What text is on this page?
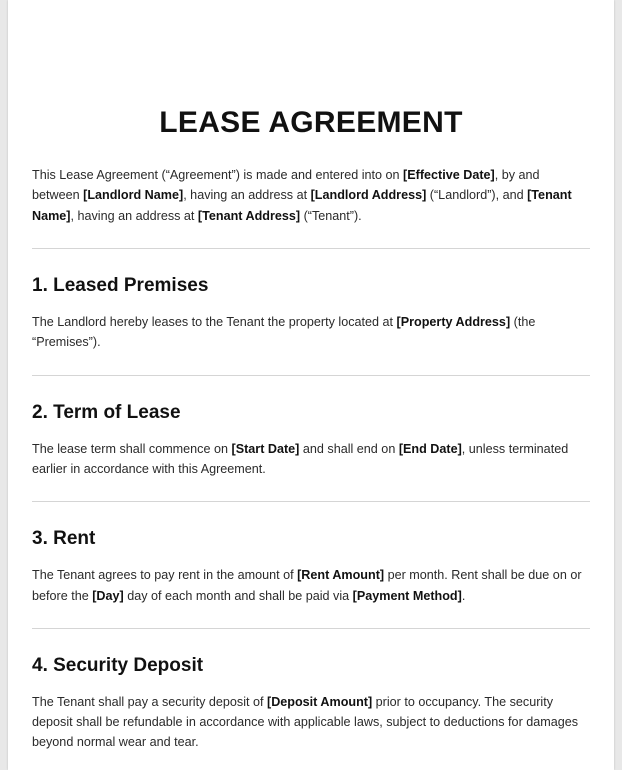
LEASE AGREEMENT

This Lease Agreement (“Agreement”) is made and entered into on [Effective Date], by and between [Landlord Name], having an address at [Landlord Address] (“Landlord”), and [Tenant Name], having an address at [Tenant Address] (“Tenant”).

1. Leased Premises

The Landlord hereby leases to the Tenant the property located at [Property Address] (the “Premises”).

2. Term of Lease

The lease term shall commence on [Start Date] and shall end on [End Date], unless terminated earlier in accordance with this Agreement.

3. Rent

The Tenant agrees to pay rent in the amount of [Rent Amount] per month. Rent shall be due on or before the [Day] day of each month and shall be paid via [Payment Method].

4. Security Deposit

The Tenant shall pay a security deposit of [Deposit Amount] prior to occupancy. The security deposit shall be refundable in accordance with applicable laws, subject to deductions for damages beyond normal wear and tear.
